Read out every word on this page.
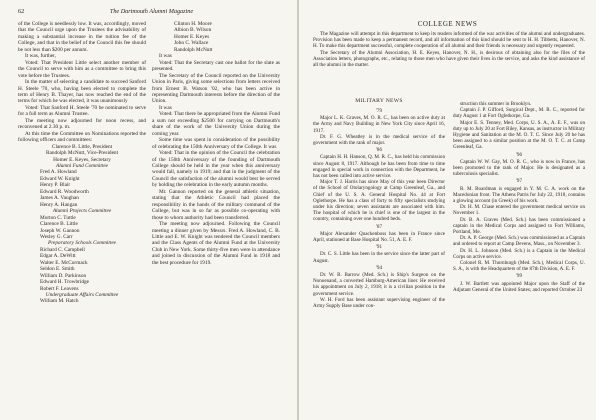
62	The Dartmouth Alumni Magazine

of the College is needlessly low. It was, accordingly, moved that the Council urge upon the Trustees the advisability of making a substantial increase in the tuition fee of the College, and that in the belief of the Council this fee should be not less than $200 per annum.

It was, further,

Voted: That President Little select another member of the Council to serve with him as a committee to bring this vote before the Trustees.

In the matter of selecting a candidate to succeed Sanford H. Steele '70, who, having been elected to complete the term of Henry B. Thayer, has now reached the end of the terms for which he was elected, it was unanimously

Voted: That Sanford H. Steele '70 be nominated to serve for a full term as Alumni Trustee.

The meeting now adjourned for noon recess, and reconvened at 2.30 p. m.

At this time the Committee on Nominations reported the following officers and committees:

Clarence B. Little, President

Randolph McNutt, Vice-President

Homer E. Keyes, Secretary

Alumni Fund Committee

Fred A. Howland

Edward W. Knight

Henry P. Blair

Edward R. Woodworth

James A. Vaughan

Henry A. Hangan

Alumni Projects Committee

Morton C. Tuttle

Clarence B. Little

Joseph W. Gannon

Wesley G. Carr

Preparatory Schools Committee

Richard C. Campbell

Edgar A. DeWitt

Walter E. McCormack

Seldon E. Smith

William D. Parkinson

Edward H. Trowbridge

Robert F. Leavens

Undergraduate Affairs Committee

William M. Hatch

Clinton H. Moore

Albion B. Wilson

Homer E. Keyes

John C. Wallace

Randolph McNutt

It was

Voted: That the Secretary cast one ballot for the slate as presented.

The Secretary of the Council reported on the University Union in Paris, giving some selections from letters received from Ernest B. Watson '02, who has been active in representing Dartmouth interests before the direction of the Union.

It was

Voted: That there be appropriated from the Alumni Fund a sum not exceeding $2500 for carrying on Dartmouth's share of the work of the University Union during the coming year.

Some time was spent in consideration of the possibility of celebrating the 150th Anniversary of the College. It was

Voted: That in the opinion of the Council the celebration of the 150th Anniversary of the founding of Dartmouth College should be held in the year when this anniversary would fall, namely in 1919; and that in the judgment of the Council the satisfaction of the alumni would best be served by holding the celebration in the early autumn months.

Mr. Gannon reported on the general athletic situation, stating that the Athletic Council had placed the responsibility in the hands of the military command of the College, but was in so far as possible co-operating with those to whom authority had been transferred.

The meeting now adjourned. Following the Council meeting a dinner given by Messrs. Fred A. Howland, C. B. Little and E. W. Knight was tendered the Council members and the Class Agents of the Alumni Fund at the University Club in New York. Some thirty-five men were in attendance and joined in discussion of the Alumni Fund in 1918 and the best procedure for 1919.

COLLEGE NEWS

The Magazine will attempt in this department to keep its readers informed of the war activities of the alumni and undergraduates. Provision has been made to keep a permanent record, and all information of this kind should be sent to H. H. Tibbetts, Hanover, N. H. To make this department successful, complete cooperation of all alumni and their friends is necessary and urgently requested.

The Secretary of the Alumni Association, H. E. Keyes, Hanover, N. H., is desirous of obtaining also for the files of the Association letters, photographs, etc., relating to those men who have given their lives in the service, and asks the kind assistance of all the alumni in the matter.

MILITARY NEWS

'79

Major L. K. Graves, M. O. R. C., has been on active duty at the Army and Navy Building in New York City since April 16, 1917.

Dr. F. G. Wheatley is in the medical service of the government with the rank of major.

'86

Captain H. H. Hanson, Q. M. R. C., has held his commission since August 8, 1917. Although he has been from time to time engaged in special work in connection with the Department, he has not been called into active service.

Major T. J. Harris has since May of this year been Director of the School of Otolaryngology at Camp Greenleaf, Ga., and Chief of the U. S. A. General Hospital No. 44 at Fort Oglethorpe. He has a class of forty to fifty specialists studying under his direction; seven assistants are associated with him. The hospital of which he is chief is one of the largest in the country, containing over one hundred beds.

'87

Major Alexander Quackenboss has been in France since April, stationed at Base Hospital No. 51, A. E. F.

'91

Dr. C. S. Little has been in the service since the latter part of August.

'94

Dr. W. B. Barrow (Med. Sch.) is Ship's Surgeon on the Nonoenand, a converted Hamburg-American liner. He received his appointment on July 2, 1918; it is a civilian position in the government service.

W. H. Ford has been assistant supervising engineer of the Army Supply Base under con-

struction this summer in Brooklyn.

Captain J. P. Gifford, Surgical Dept., M. R. C., reported for duty August 1 at Fort Oglethorpe, Ga.

Major E. S. Tenney, Med. Corps, U. S. A., A. E. F., was on duty up to July 20 at Fort Riley, Kansas, as instructor in Military Hygiene and Sanitation at the M. O. T. C. Since July 20 he has been assigned to a similar position at the M. O. T. C. at Camp Greenleaf, Ga.

'96

Captain W. W. Gay, M. O. R. C., who is now in France, has been promoted to the rank of Major. He is designated as a tuberculosis specialist.

'97

R. M. Boardman is engaged in Y. M. C. A. work on the Macedonian front. The Athens Patris for July 22, 1918, contains a glowing account (in Greek) of his work.

Dr. H. M. Chase entered the government medical service on November 1.

Dr. B. A. Graves (Med. Sch.) has been commissioned a captain in the Medical Corps and assigned to Fort Williams, Portland, Me.

Dr. A. P. George (Med. Sch.) was commissioned as a Captain and ordered to report at Camp Devens, Mass., on November 3.

Dr. H. L. Johnson (Med. Sch.) is a Captain in the Medical Corps on active service.

Colonel R. M. Thornburgh (Med. Sch.), Medical Corps, U. S. A., is with the Headquarters of the 87th Division, A. E. F.

'99

J. W. Bartlett was appointed Major upon the Staff of the Adjutant General of the United States; and reported October 23
